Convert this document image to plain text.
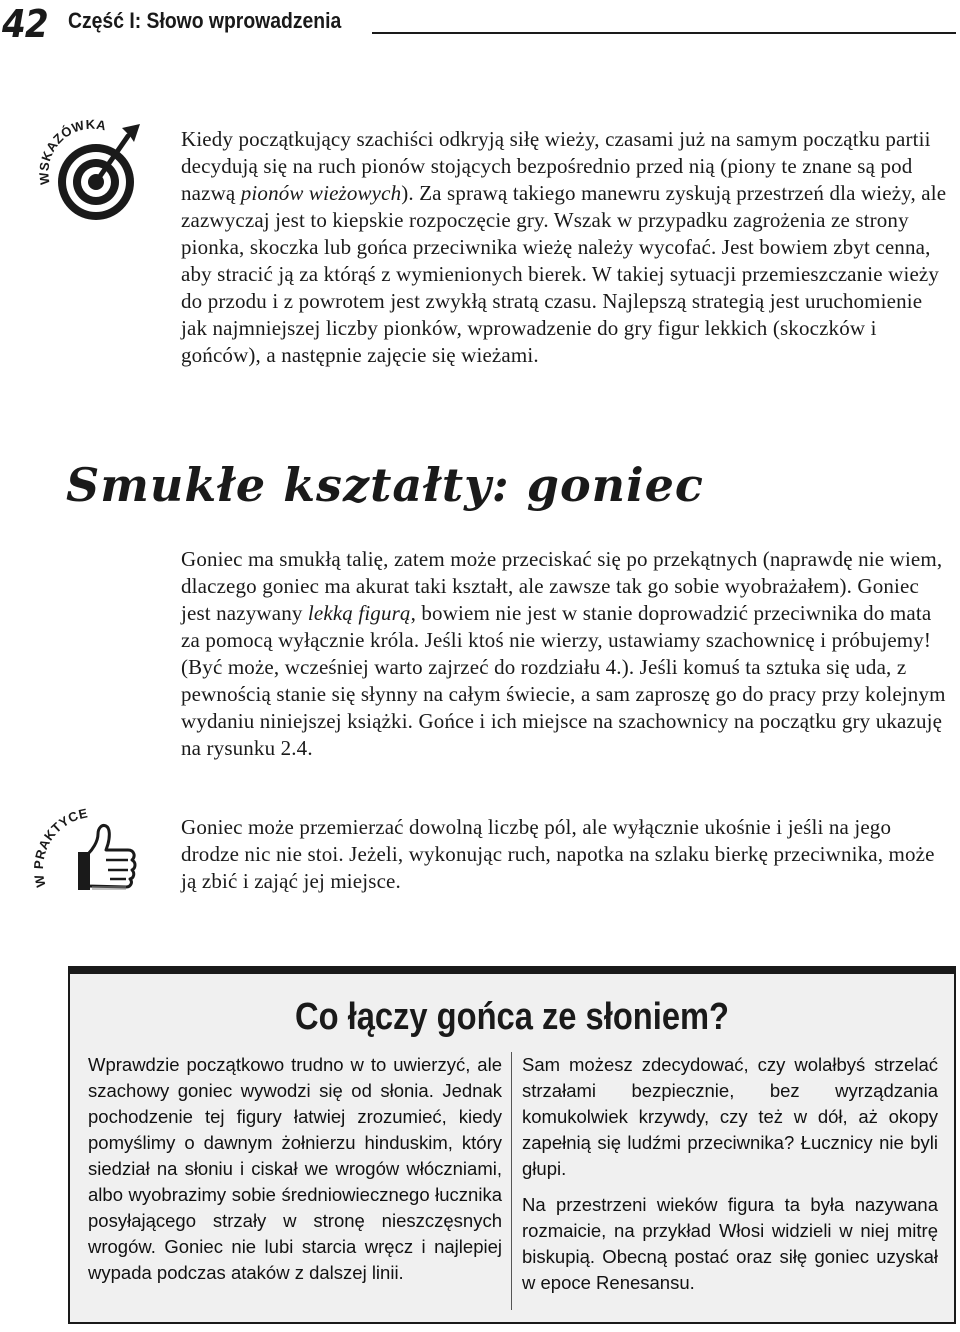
42 Część I: Słowo wprowadzenia
WSKAZÓWKA

Kiedy początkujący szachiści odkryją siłę wieży, czasami już na samym początku partii decydują się na ruch pionów stojących bezpośrednio przed nią (piony te znane są pod nazwą pionów wieżowych). Za sprawą takiego manewru zyskują przestrzeń dla wieży, ale zazwyczaj jest to kiepskie rozpoczęcie gry. Wszak w przypadku zagrożenia ze strony pionka, skoczka lub gońca przeciwnika wieżę należy wycofać. Jest bowiem zbyt cenna, aby stracić ją za którąś z wymienionych bierek. W takiej sytuacji przemieszczanie wieży do przodu i z powrotem jest zwykłą stratą czasu. Najlepszą strategią jest uruchomienie jak najmniejszej liczby pionków, wprowadzenie do gry figur lekkich (skoczków i gońców), a następnie zajęcie się wieżami.

Smukłe kształty: goniec

Goniec ma smukłą talię, zatem może przeciskać się po przekątnych (naprawdę nie wiem, dlaczego goniec ma akurat taki kształt, ale zawsze tak go sobie wyobrażałem). Goniec jest nazywany lekką figurą, bowiem nie jest w stanie doprowadzić przeciwnika do mata za pomocą wyłącznie króla. Jeśli ktoś nie wierzy, ustawiamy szachownicę i próbujemy! (Być może, wcześniej warto zajrzeć do rozdziału 4.). Jeśli komuś ta sztuka się uda, z pewnością stanie się słynny na całym świecie, a sam zaproszę go do pracy przy kolejnym wydaniu niniejszej książki. Gońce i ich miejsce na szachownicy na początku gry ukazuję na rysunku 2.4.

W PRAKTYCE

Goniec może przemierzać dowolną liczbę pól, ale wyłącznie ukośnie i jeśli na jego drodze nic nie stoi. Jeżeli, wykonując ruch, napotka na szlaku bierkę przeciwnika, może ją zbić i zająć jej miejsce.

Co łączy gońca ze słoniem?

Wprawdzie początkowo trudno w to uwierzyć, ale szachowy goniec wywodzi się od słonia. Jednak pochodzenie tej figury łatwiej zrozumieć, kiedy pomyślimy o dawnym żołnierzu hinduskim, który siedział na słoniu i ciskał we wrogów włóczniami, albo wyobrazimy sobie średniowiecznego łucznika posyłającego strzały w stronę nieszczęsnych wrogów. Goniec nie lubi starcia wręcz i najlepiej wypada podczas ataków z dalszej linii.

Sam możesz zdecydować, czy wolałbyś strzelać strzałami bezpiecznie, bez wyrządzania komukolwiek krzywdy, czy też w dół, aż okopy zapełnią się ludźmi przeciwnika? Łucznicy nie byli głupi.

Na przestrzeni wieków figura ta była nazywana rozmaicie, na przykład Włosi widzieli w niej mitrę biskupią. Obecną postać oraz siłę goniec uzyskał w epoce Renesansu.
